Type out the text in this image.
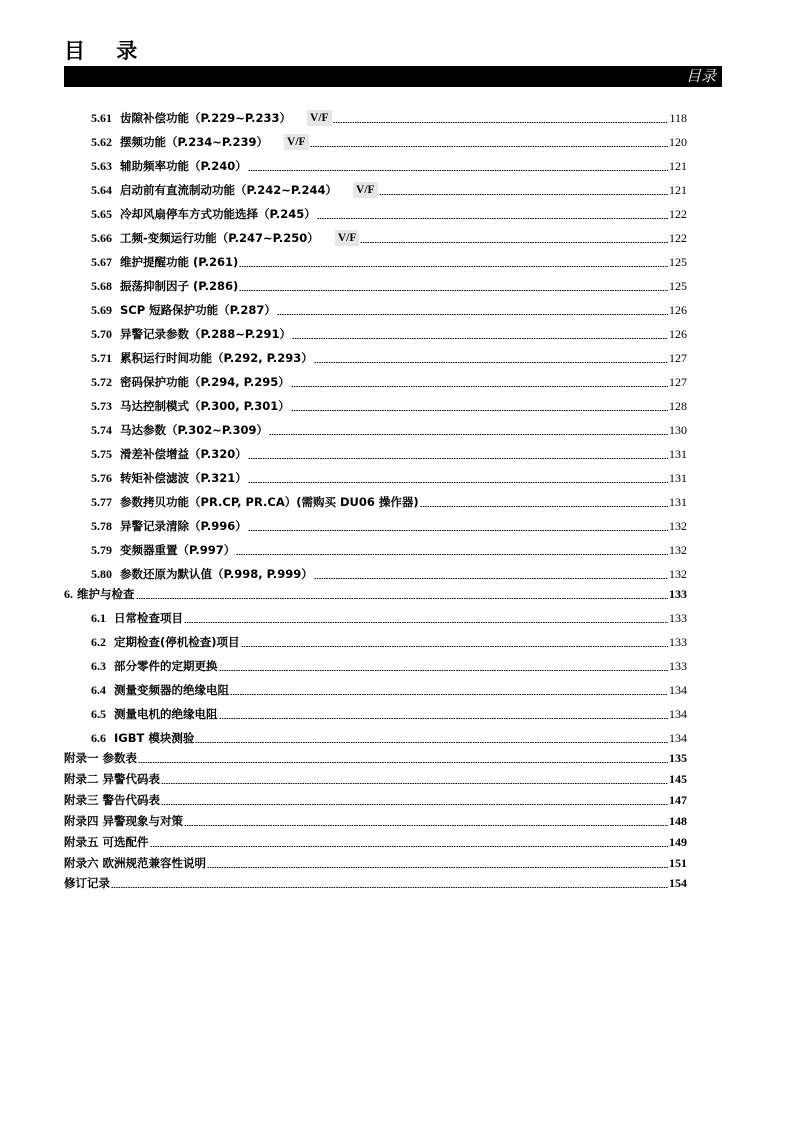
目 录
目录
5.61 齿隙补偿功能（P.229~P.233） V/F	118
5.62 摆频功能（P.234~P.239） V/F	120
5.63 辅助频率功能（P.240）	121
5.64 启动前有直流制动功能（P.242~P.244） V/F	121
5.65 冷却风扇停车方式功能选择（P.245）	122
5.66 工频-变频运行功能（P.247~P.250） V/F	122
5.67 维护提醒功能 (P.261)	125
5.68 振荡抑制因子 (P.286)	125
5.69 SCP 短路保护功能（P.287）	126
5.70 异警记录参数（P.288~P.291）	126
5.71 累积运行时间功能（P.292, P.293）	127
5.72 密码保护功能（P.294, P.295）	127
5.73 马达控制模式（P.300, P.301）	128
5.74 马达参数（P.302~P.309）	130
5.75 滑差补偿增益（P.320）	131
5.76 转矩补偿滤波（P.321）	131
5.77 参数拷贝功能（PR.CP, PR.CA）(需购买 DU06 操作器)	131
5.78 异警记录清除（P.996）	132
5.79 变频器重置（P.997）	132
5.80 参数还原为默认值（P.998, P.999）	132
6. 维护与检查	133
6.1 日常检查项目	133
6.2 定期检查(停机检查)项目	133
6.3 部分零件的定期更换	133
6.4 测量变频器的绝缘电阻	134
6.5 测量电机的绝缘电阻	134
6.6 IGBT 模块测验	134
附录一 参数表	135
附录二 异警代码表	145
附录三 警告代码表	147
附录四 异警现象与对策	148
附录五 可选配件	149
附录六 欧洲规范兼容性说明	151
修订记录	154
